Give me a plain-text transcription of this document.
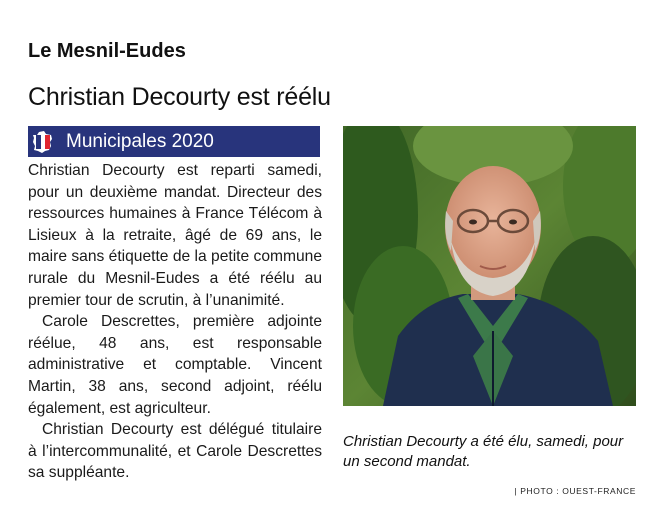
Le Mesnil-Eudes
Christian Decourty est réélu
Municipales 2020

Christian Decourty est reparti samedi, pour un deuxième mandat. Directeur des ressources humaines à France Télécom à Lisieux à la retraite, âgé de 69 ans, le maire sans étiquette de la petite commune rurale du Mesnil-Eudes a été réélu au premier tour de scrutin, à l’unanimité.

Carole Descrettes, première adjointe réélue, 48 ans, est responsable administrative et comptable. Vincent Martin, 38 ans, second adjoint, réélu également, est agriculteur.

Christian Decourty est délégué titulaire à l’intercommunalité, et Carole Descrettes sa suppléante.

Christian Decourty a été élu, samedi, pour un second mandat.
| PHOTO : OUEST-FRANCE
